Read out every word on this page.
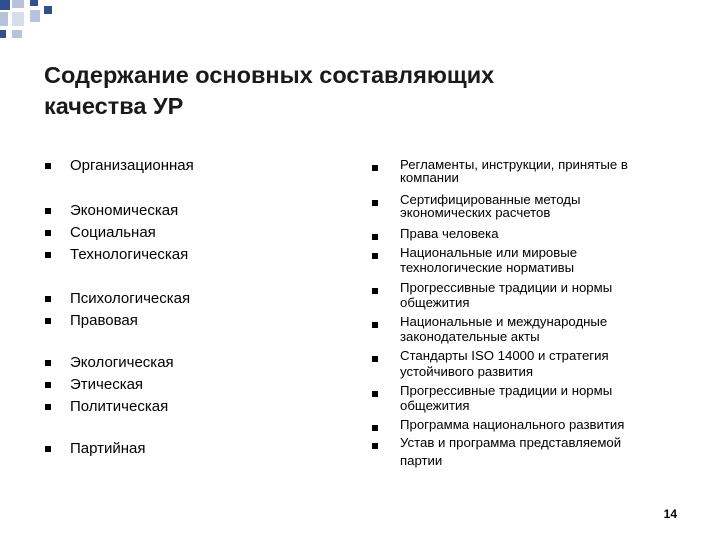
Содержание основных составляющих
качества УР
Организационная
Экономическая
Социальная
Технологическая
Психологическая
Правовая
Экологическая
Этическая
Политическая
Партийная
Регламенты, инструкции, принятые в
компании
Сертифицированные методы
экономических расчетов
Права человека
Национальные или мировые
технологические нормативы
Прогрессивные традиции и нормы
общежития
Национальные и международные
законодательные акты
Стандарты ISO 14000 и стратегия
устойчивого развития
Прогрессивные традиции и нормы
общежития
Программа национального развития
Устав и программа представляемой
партии
14
